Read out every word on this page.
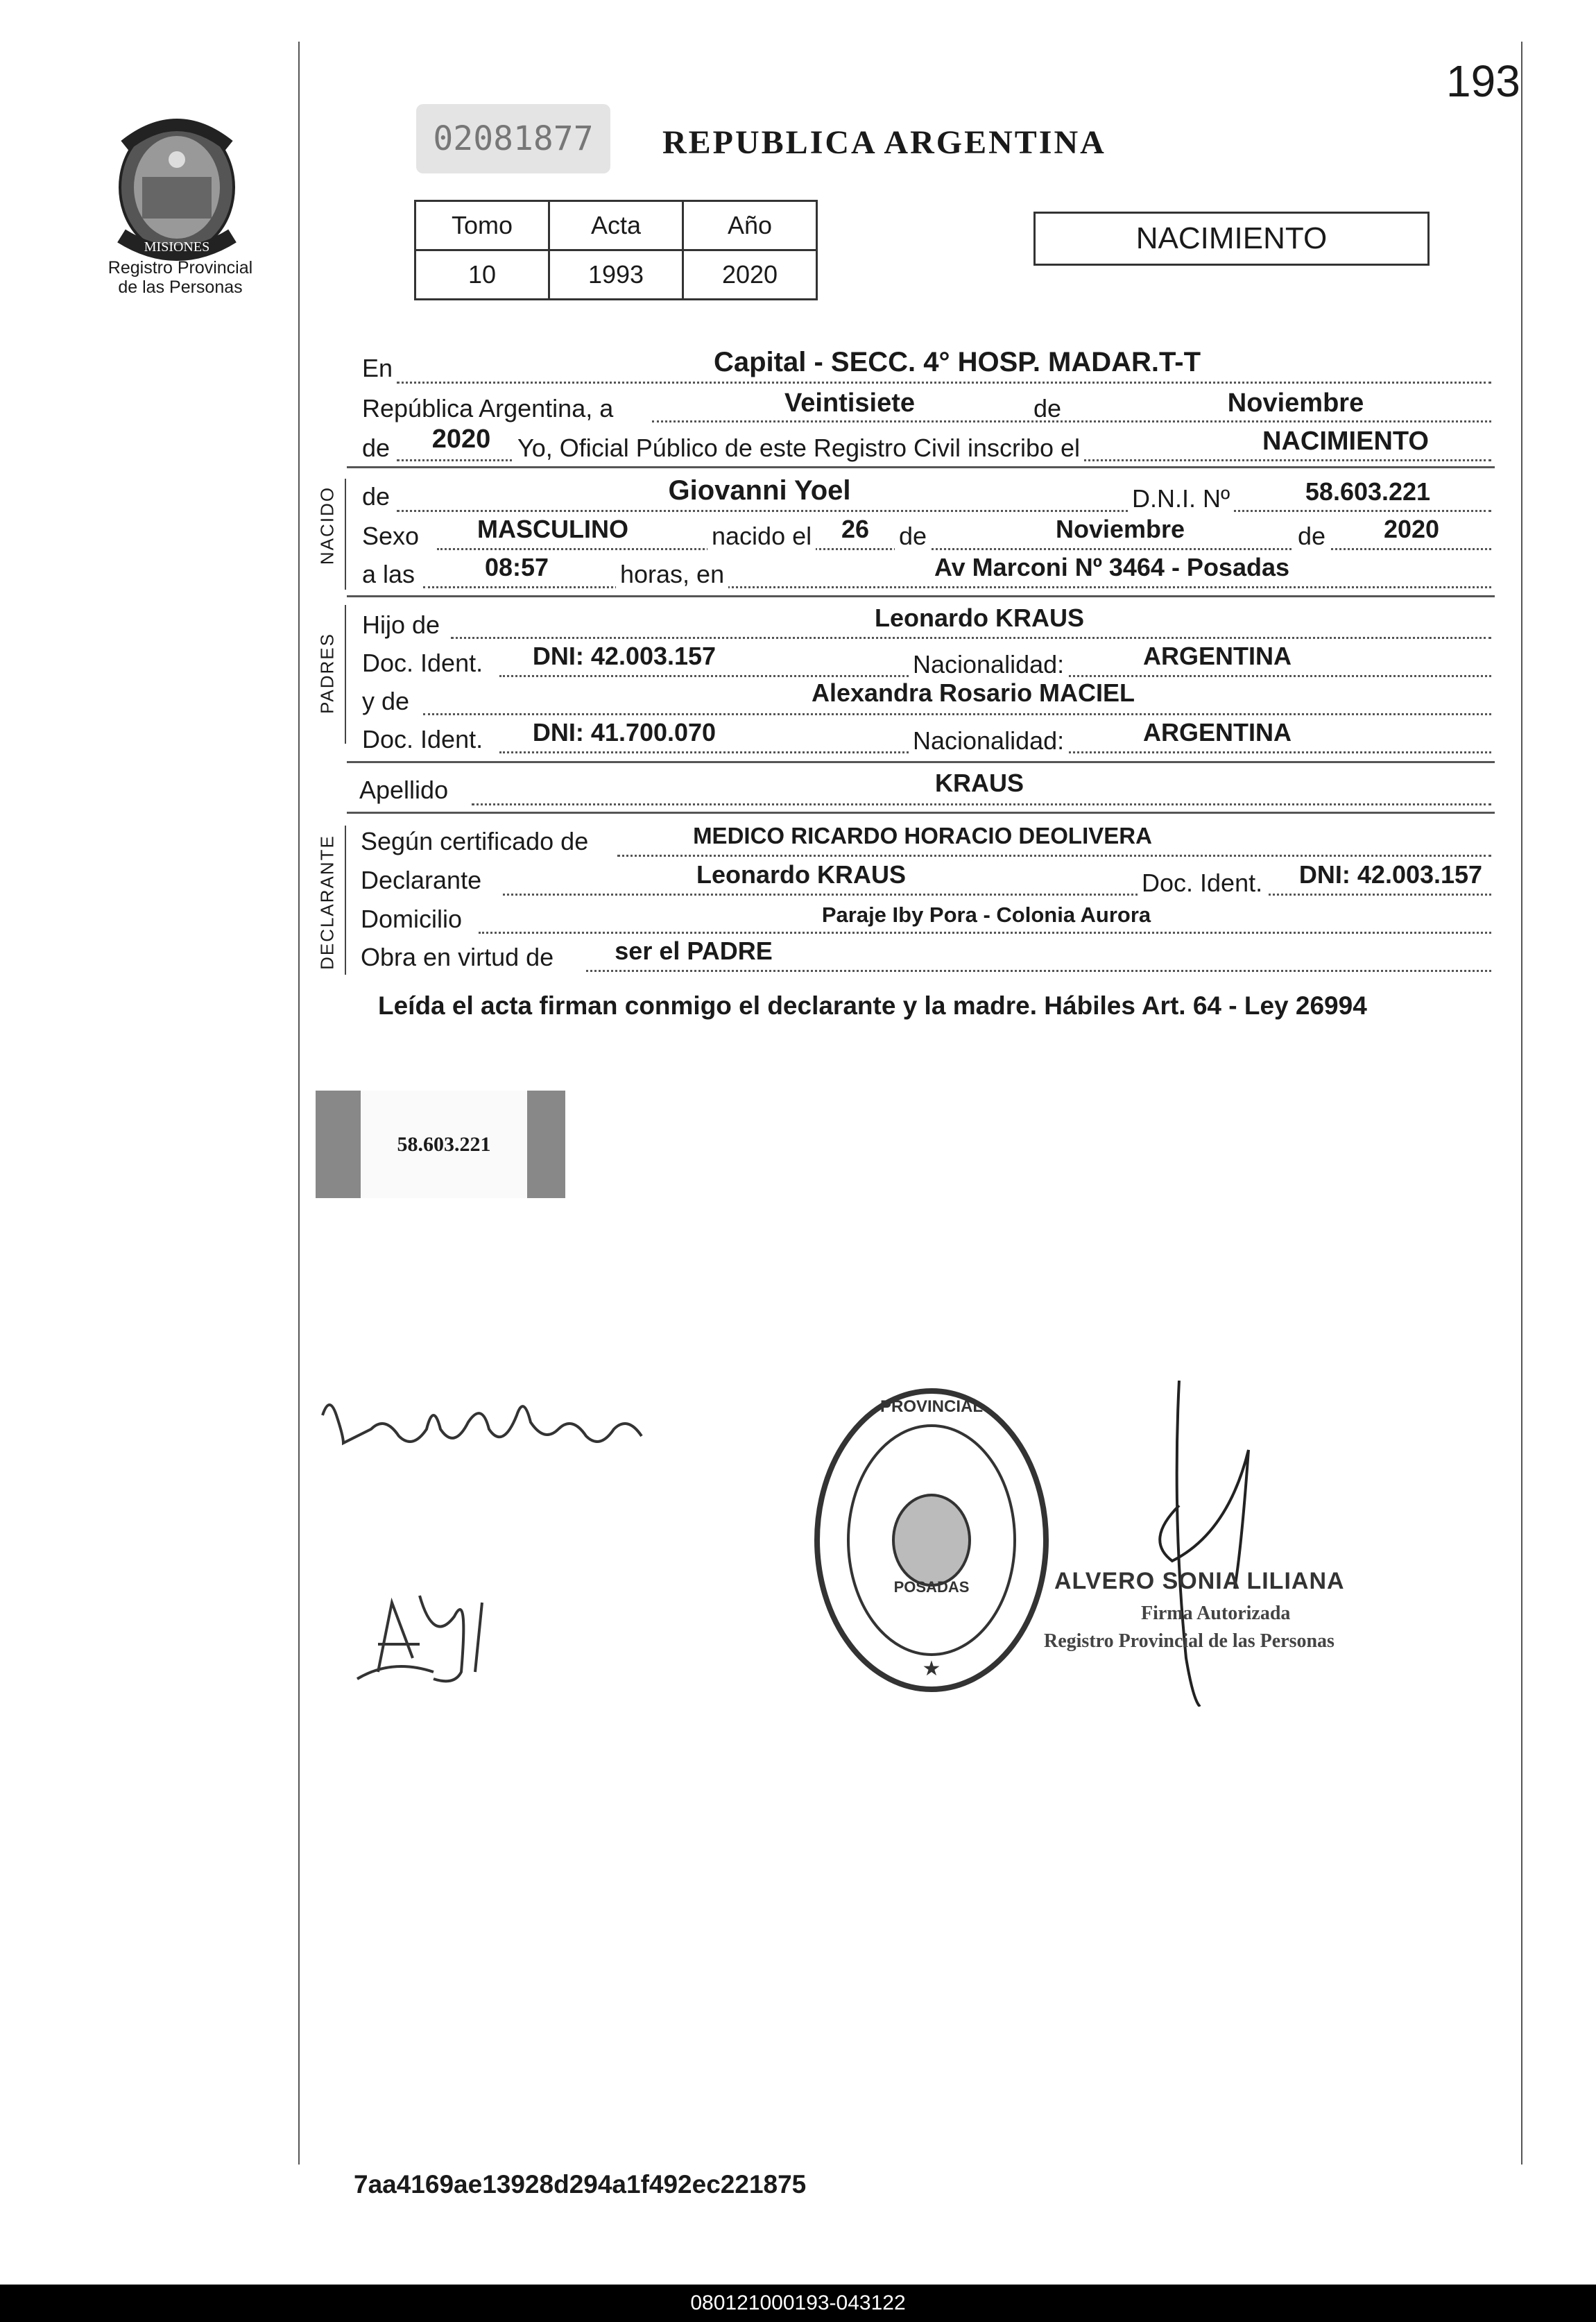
193
MISIONES
Registro Provincial
de las Personas
02081877	REPUBLICA ARGENTINA
Tomo	Acta	Año
10	1993	2020
NACIMIENTO
En	Capital - SECC. 4° HOSP. MADAR.T-T
República Argentina, a	Veintisiete	de	Noviembre
de 2020 Yo, Oficial Público de este Registro Civil inscribo el	NACIMIENTO
NACIDO de	Giovanni Yoel	D.N.I. Nº	58.603.221
Sexo MASCULINO	nacido el 26 de	Noviembre	de 2020
a las	08:57	horas, en	Av Marconi Nº 3464 - Posadas
PADRES
Hijo de	Leonardo KRAUS
Doc. Ident. DNI: 42.003.157	Nacionalidad:	ARGENTINA
y de	Alexandra Rosario MACIEL
Doc. Ident. DNI: 41.700.070	Nacionalidad:	ARGENTINA
Apellido	KRAUS
DECLARANTE Según certificado de	MEDICO RICARDO HORACIO DEOLIVERA
Declarante	Leonardo KRAUS	Doc. Ident. DNI: 42.003.157
Domicilio	Paraje Iby Pora - Colonia Aurora
Obra en virtud de ser el PADRE
Leída el acta firman conmigo el declarante y la madre. Hábiles Art. 64 - Ley 26994
58.603.221
PROVINCIAL
POSADAS
★
ALVERO SONIA LILIANA
Firma Autorizada
Registro Provincial de las Personas
7aa4169ae13928d294a1f492ec221875
080121000193-043122
